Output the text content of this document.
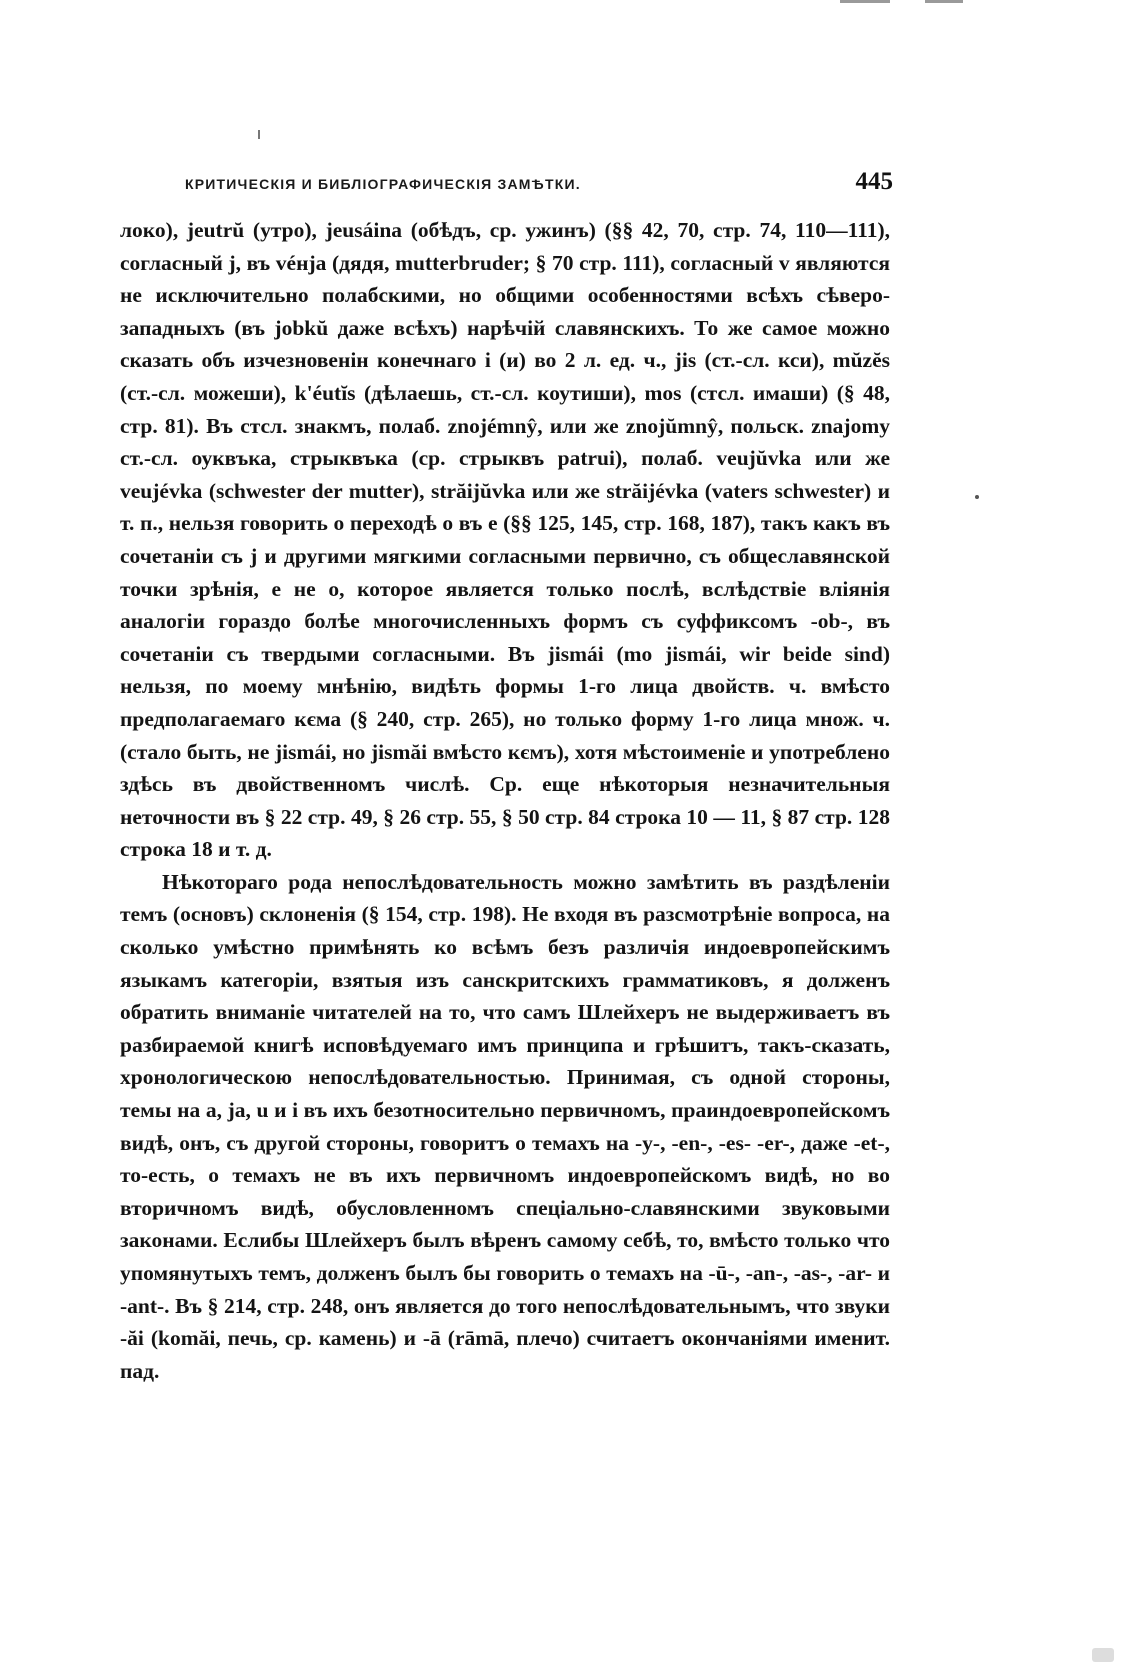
КРИТИЧЕСКІЯ И БИБЛІОГРАФИЧЕСКІЯ ЗАМѢТКИ.	445

локо), jeutrŭ (утро), jeusáina (обѣдъ, ср. ужинъ) (§§ 42, 70, стр. 74, 110—111), согласный j, въ véнja (дядя, mutterbruder; § 70 стр. 111), согласный v являются не исключительно полабскими, но общими особенностями всѣхъ сѣверо-западныхъ (въ jobkŭ даже всѣхъ) нарѣчій славянскихъ. То же самое можно сказать объ изчезновенін конечнаго і (и) во 2 л. ед. ч., jis (ст.-сл. кси), mŭzĕs (ст.-сл. можеши), k'éutĭs (дѣлаешь, ст.-сл. коутиши), mos (стсл. имаши) (§ 48, стр. 81). Въ стсл. знакмъ, полаб. znojémnŷ, или же znojŭmnŷ, польск. znajomy ст.-сл. оуквъка, стрыквъка (ср. стрыквъ patrui), полаб. veujŭvka или же veujévka (schwester der mutter), străijŭvka или же străijévka (vaters schwester) и т. п., нельзя говорить о переходѣ o въ e (§§ 125, 145, стр. 168, 187), такъ какъ въ сочетаніи съ j и другими мягкими согласными первично, съ общеславянской точки зрѣнія, e не o, которое является только послѣ, вслѣдствіе вліянія аналогіи гораздо болѣе многочисленныхъ формъ съ суффиксомъ -ob-, въ сочетаніи съ твердыми согласными. Въ jismái (mo jismái, wir beide sind) нельзя, по моему мнѣнію, видѣть формы 1-го лица двойств. ч. вмѣсто предполагаемаго кєма (§ 240, стр. 265), но только форму 1-го лица множ. ч. (стало быть, не jismái, но jismăi вмѣсто кємъ), хотя мѣстоименіе и употреблено здѣсь въ двойственномъ числѣ. Ср. еще нѣкоторыя незначительныя неточности въ § 22 стр. 49, § 26 стр. 55, § 50 стр. 84 строка 10 — 11, § 87 стр. 128 строка 18 и т. д.

Нѣкотораго рода непослѣдовательность можно замѣтить въ раздѣленіи темъ (основъ) склоненія (§ 154, стр. 198). Не входя въ разсмотрѣніе вопроса, на сколько умѣстно примѣнять ко всѣмъ безъ различія индоевропейскимъ языкамъ категоріи, взятыя изъ санскритскихъ грамматиковъ, я долженъ обратить вниманіе читателей на то, что самъ Шлейхеръ не выдерживаетъ въ разбираемой книгѣ исповѣдуемаго имъ принципа и грѣшитъ, такъ-сказать, хронологическою непослѣдовательностью. Принимая, съ одной стороны, темы на a, ja, u и i въ ихъ безотносительно первичномъ, праиндоевропейскомъ видѣ, онъ, съ другой стороны, говоритъ о темахъ на -y-, -en-, -es- -er-, даже -et-, то-есть, о темахъ не въ ихъ первичномъ индоевропейскомъ видѣ, но во вторичномъ видѣ, обусловленномъ спеціально-славянскими звуковыми законами. Еслибы Шлейхеръ былъ вѣренъ самому себѣ, то, вмѣсто только что упомянутыхъ темъ, долженъ былъ бы говорить о темахъ на -ū-, -an-, -as-, -ar- и -ant-. Въ § 214, стр. 248, онъ является до того непослѣдовательнымъ, что звуки -ăi (komăi, печь, ср. камень) и -ā (rāmā, плечо) считаетъ окончаніями именит. пад.
